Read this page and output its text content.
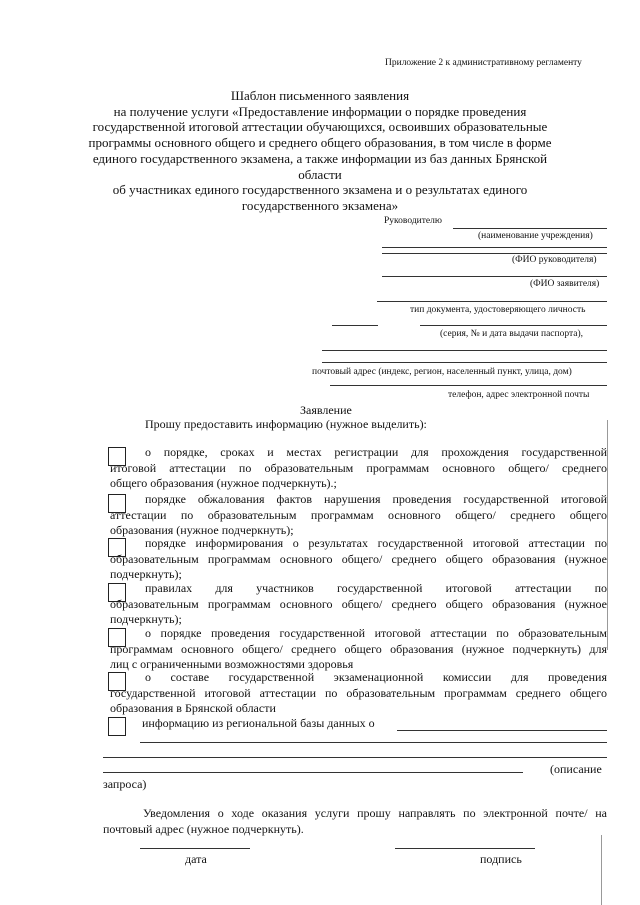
Приложение 2 к административному регламенту
Шаблон письменного заявления
на получение услуги «Предоставление информации о порядке проведения
государственной итоговой аттестации обучающихся, освоивших образовательные
программы основного общего и среднего общего образования, в том числе в форме
единого государственного экзамена, а также информации из баз данных Брянской области
об участниках единого государственного экзамена и о результатах единого
государственного экзамена»
Руководителю
(наименование учреждения)
(ФИО руководителя)
(ФИО заявителя)
тип документа, удостоверяющего личность
(серия, № и дата выдачи паспорта),
почтовый адрес (индекс, регион, населенный пункт, улица, дом)
телефон, адрес электронной почты
Заявление
Прошу предоставить информацию (нужное выделить):
о порядке, сроках и местах регистрации для прохождения государственной
итоговой аттестации по образовательным программам основного общего/ среднего
общего образования (нужное подчеркнуть).;
порядке обжалования фактов нарушения проведения государственной итоговой
аттестации по образовательным программам основного общего/ среднего общего
образования (нужное подчеркнуть);
порядке информирования о результатах государственной итоговой аттестации по
образовательным программам основного общего/ среднего общего образования (нужное
подчеркнуть);
правилах для участников государственной итоговой аттестации по
образовательным программам основного общего/ среднего общего образования (нужное
подчеркнуть);
о порядке проведения государственной итоговой аттестации по образовательным
программам основного общего/ среднего общего образования (нужное подчеркнуть) для
лиц с ограниченными возможностями здоровья
о составе государственной экзаменационной комиссии для проведения
государственной итоговой аттестации по образовательным программам среднего общего
образования в Брянской области
информацию из региональной базы данных о
(описание
запроса)
Уведомления о ходе оказания услуги прошу направлять по электронной почте/ на
почтовый адрес (нужное подчеркнуть).
дата	подпись
